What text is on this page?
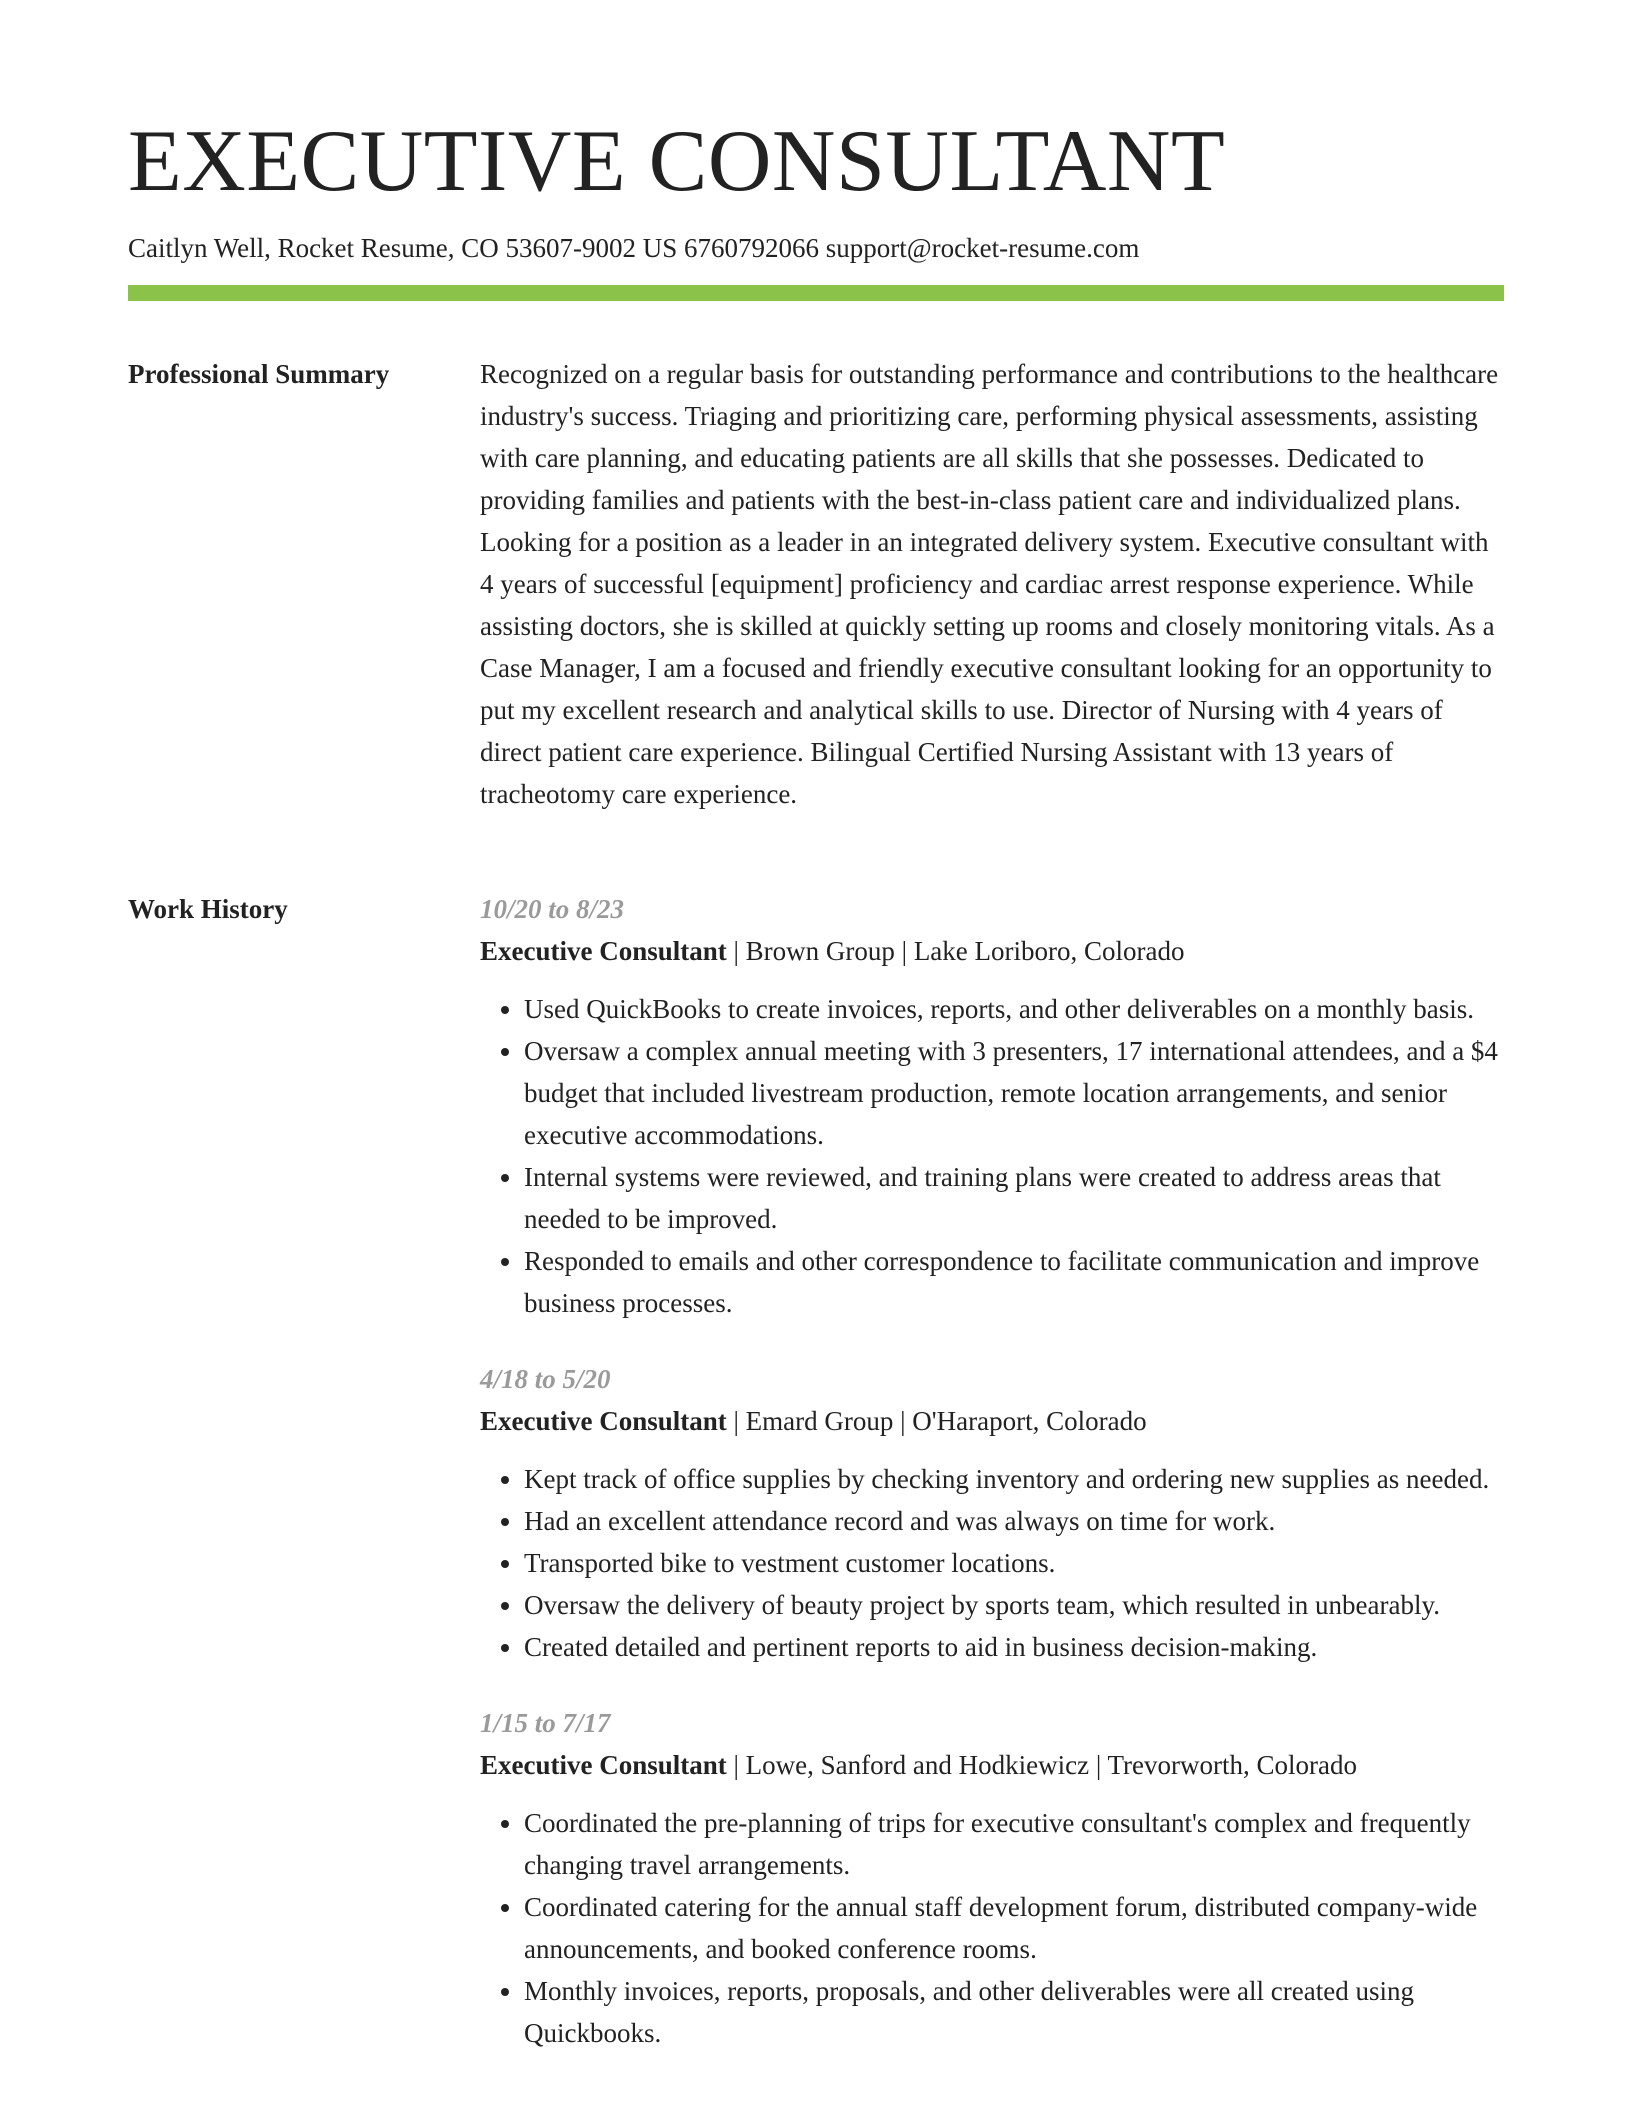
EXECUTIVE CONSULTANT
Caitlyn Well, Rocket Resume, CO 53607-9002 US 6760792066 support@rocket-resume.com
Professional Summary	Recognized on a regular basis for outstanding performance and contributions to the healthcare industry's success. Triaging and prioritizing care, performing physical assessments, assisting with care planning, and educating patients are all skills that she possesses. Dedicated to providing families and patients with the best-in-class patient care and individualized plans. Looking for a position as a leader in an integrated delivery system. Executive consultant with 4 years of successful [equipment] proficiency and cardiac arrest response experience. While assisting doctors, she is skilled at quickly setting up rooms and closely monitoring vitals. As a Case Manager, I am a focused and friendly executive consultant looking for an opportunity to put my excellent research and analytical skills to use. Director of Nursing with 4 years of direct patient care experience. Bilingual Certified Nursing Assistant with 13 years of tracheotomy care experience.

Work History	10/20 to 8/23
Executive Consultant | Brown Group | Lake Loriboro, Colorado
• Used QuickBooks to create invoices, reports, and other deliverables on a monthly basis.
• Oversaw a complex annual meeting with 3 presenters, 17 international attendees, and a $4 budget that included livestream production, remote location arrangements, and senior executive accommodations.
• Internal systems were reviewed, and training plans were created to address areas that needed to be improved.
• Responded to emails and other correspondence to facilitate communication and improve business processes.
4/18 to 5/20
Executive Consultant | Emard Group | O'Haraport, Colorado
• Kept track of office supplies by checking inventory and ordering new supplies as needed.
• Had an excellent attendance record and was always on time for work.
• Transported bike to vestment customer locations.
• Oversaw the delivery of beauty project by sports team, which resulted in unbearably.
• Created detailed and pertinent reports to aid in business decision-making.
1/15 to 7/17
Executive Consultant | Lowe, Sanford and Hodkiewicz | Trevorworth, Colorado
• Coordinated the pre-planning of trips for executive consultant's complex and frequently changing travel arrangements.
• Coordinated catering for the annual staff development forum, distributed company-wide announcements, and booked conference rooms.
• Monthly invoices, reports, proposals, and other deliverables were all created using Quickbooks.
